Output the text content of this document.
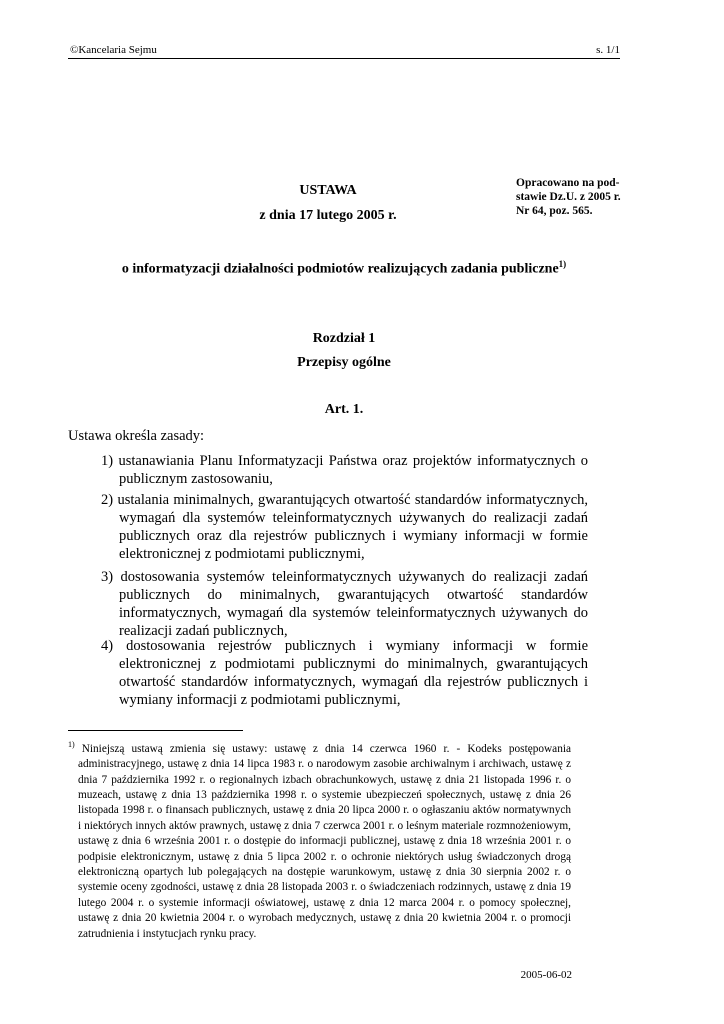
©Kancelaria Sejmu	s. 1/1
Opracowano na pod-
stawie Dz.U. z 2005 r.
Nr 64, poz. 565.
USTAWA
z dnia 17 lutego 2005 r.
o informatyzacji działalności podmiotów realizujących zadania publiczne$^{1)}$
Rozdział 1
Przepisy ogólne
Art. 1.
Ustawa określa zasady:
1) ustanawiania Planu Informatyzacji Państwa oraz projektów informatycznych o publicznym zastosowaniu,
2) ustalania minimalnych, gwarantujących otwartość standardów informatycznych, wymagań dla systemów teleinformatycznych używanych do realizacji zadań publicznych oraz dla rejestrów publicznych i wymiany informacji w formie elektronicznej z podmiotami publicznymi,
3) dostosowania systemów teleinformatycznych używanych do realizacji zadań publicznych do minimalnych, gwarantujących otwartość standardów informatycznych, wymagań dla systemów teleinformatycznych używanych do realizacji zadań publicznych,
4) dostosowania rejestrów publicznych i wymiany informacji w formie elektronicznej z podmiotami publicznymi do minimalnych, gwarantujących otwartość standardów informatycznych, wymagań dla rejestrów publicznych i wymiany informacji z podmiotami publicznymi,
$^{1)}$ Niniejszą ustawą zmienia się ustawy: ustawę z dnia 14 czerwca 1960 r. - Kodeks postępowania administracyjnego, ustawę z dnia 14 lipca 1983 r. o narodowym zasobie archiwalnym i archiwach, ustawę z dnia 7 października 1992 r. o regionalnych izbach obrachunkowych, ustawę z dnia 21 listopada 1996 r. o muzeach, ustawę z dnia 13 października 1998 r. o systemie ubezpieczeń społecznych, ustawę z dnia 26 listopada 1998 r. o finansach publicznych, ustawę z dnia 20 lipca 2000 r. o ogłaszaniu aktów normatywnych i niektórych innych aktów prawnych, ustawę z dnia 7 czerwca 2001 r. o leśnym materiale rozmnożeniowym, ustawę z dnia 6 września 2001 r. o dostępie do informacji publicznej, ustawę z dnia 18 września 2001 r. o podpisie elektronicznym, ustawę z dnia 5 lipca 2002 r. o ochronie niektórych usług świadczonych drogą elektroniczną opartych lub polegających na dostępie warunkowym, ustawę z dnia 30 sierpnia 2002 r. o systemie oceny zgodności, ustawę z dnia 28 listopada 2003 r. o świadczeniach rodzinnych, ustawę z dnia 19 lutego 2004 r. o systemie informacji oświatowej, ustawę z dnia 12 marca 2004 r. o pomocy społecznej, ustawę z dnia 20 kwietnia 2004 r. o wyrobach medycznych, ustawę z dnia 20 kwietnia 2004 r. o promocji zatrudnienia i instytucjach rynku pracy.
2005-06-02
